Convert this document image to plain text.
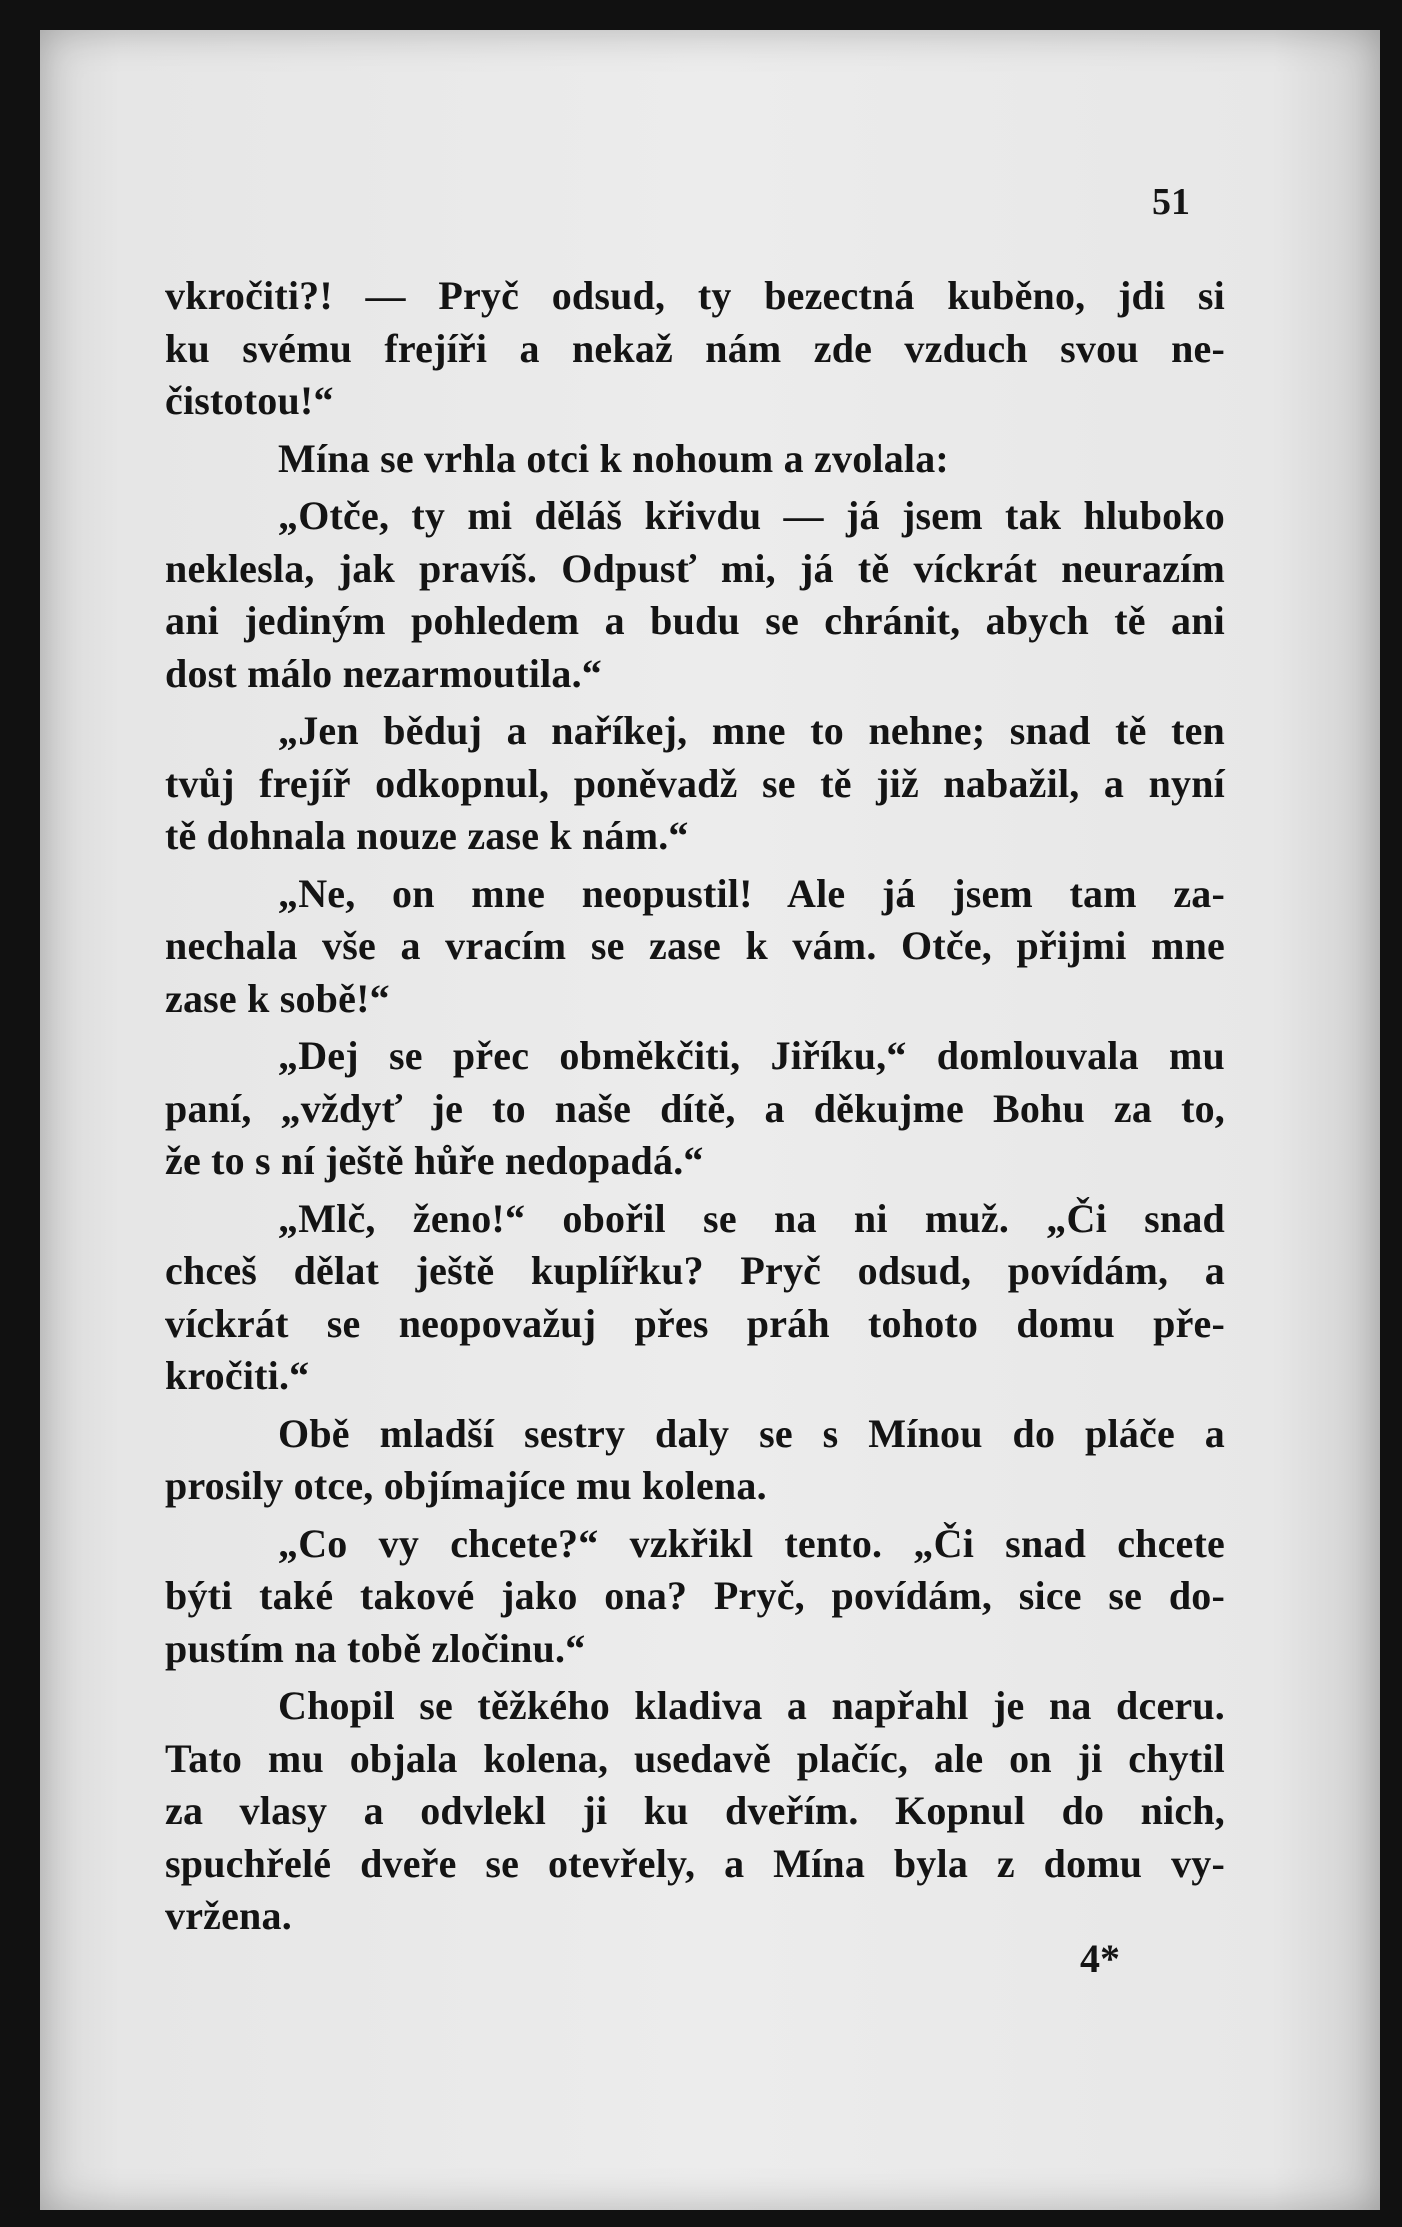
51
vkročiti?! — Pryč odsud, ty bezectná kuběno, jdi si
ku svému frejíři a nekaž nám zde vzduch svou ne-
čistotou!“
Mína se vrhla otci k nohoum a zvolala:
„Otče, ty mi děláš křivdu — já jsem tak hluboko
neklesla, jak pravíš. Odpusť mi, já tě víckrát neurazím
ani jediným pohledem a budu se chránit, abych tě ani
dost málo nezarmoutila.“
„Jen běduj a naříkej, mne to nehne; snad tě ten
tvůj frejíř odkopnul, poněvadž se tě již nabažil, a nyní
tě dohnala nouze zase k nám.“
„Ne, on mne neopustil! Ale já jsem tam za-
nechala vše a vracím se zase k vám. Otče, přijmi mne
zase k sobě!“
„Dej se přec obměkčiti, Jiříku,“ domlouvala mu
paní, „vždyť je to naše dítě, a děkujme Bohu za to,
že to s ní ještě hůře nedopadá.“
„Mlč, ženo!“ obořil se na ni muž. „Či snad
chceš dělat ještě kuplířku? Pryč odsud, povídám, a
víckrát se neopovažuj přes práh tohoto domu pře-
kročiti.“
Obě mladší sestry daly se s Mínou do pláče a
prosily otce, objímajíce mu kolena.
„Co vy chcete?“ vzkřikl tento. „Či snad chcete
býti také takové jako ona? Pryč, povídám, sice se do-
pustím na tobě zločinu.“
Chopil se těžkého kladiva a napřahl je na dceru.
Tato mu objala kolena, usedavě plačíc, ale on ji chytil
za vlasy a odvlekl ji ku dveřím. Kopnul do nich,
spuchřelé dveře se otevřely, a Mína byla z domu vy-
vržena.
4*
